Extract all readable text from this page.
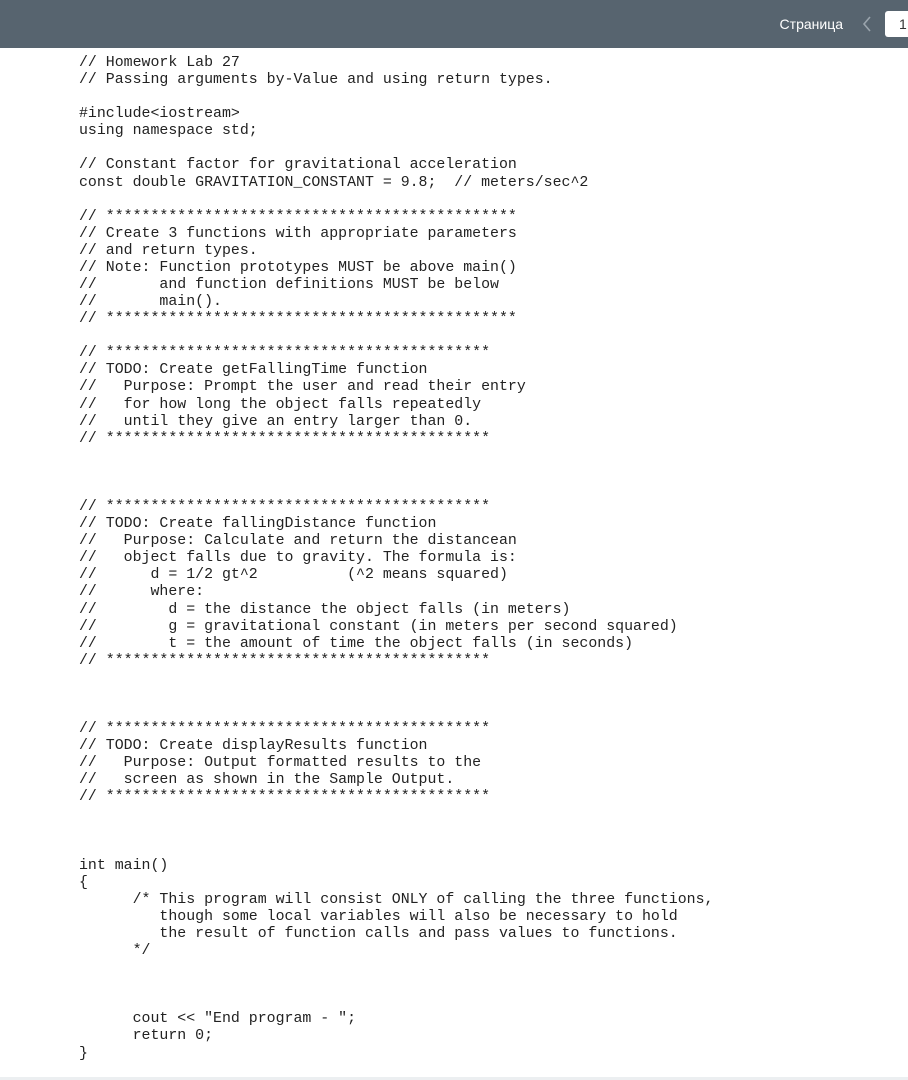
Страница
1
// Homework Lab 27
// Passing arguments by-Value and using return types.
#include<iostream>
using namespace std;
// Constant factor for gravitational acceleration
const double GRAVITATION_CONSTANT = 9.8;  // meters/sec^2
// **********************************************
// Create 3 functions with appropriate parameters
// and return types.
// Note: Function prototypes MUST be above main()
//       and function definitions MUST be below
//       main().
// **********************************************
// *******************************************
// TODO: Create getFallingTime function
//   Purpose: Prompt the user and read their entry
//   for how long the object falls repeatedly
//   until they give an entry larger than 0.
// *******************************************
// *******************************************
// TODO: Create fallingDistance function
//   Purpose: Calculate and return the distancean
//   object falls due to gravity. The formula is:
//      d = 1/2 gt^2          (^2 means squared)
//      where:
//        d = the distance the object falls (in meters)
//        g = gravitational constant (in meters per second squared)
//        t = the amount of time the object falls (in seconds)
// *******************************************
// *******************************************
// TODO: Create displayResults function
//   Purpose: Output formatted results to the
//   screen as shown in the Sample Output.
// *******************************************
int main()
{
/* This program will consist ONLY of calling the three functions,
though some local variables will also be necessary to hold
the result of function calls and pass values to functions.
*/
cout << "End program - ";
return 0;
}
